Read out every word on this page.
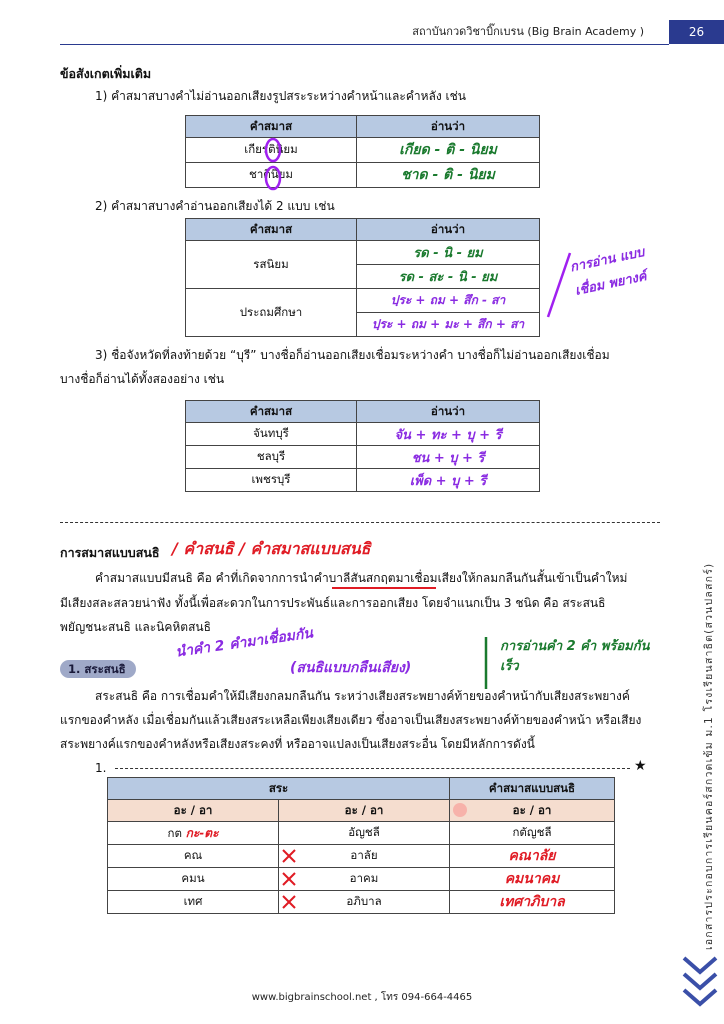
สถาบันกวดวิชาบิ๊กเบรน (Big Brain Academy )	26
ข้อสังเกตเพิ่มเติม
1) คำสมาสบางคำไม่อ่านออกเสียงรูปสระระหว่างคำหน้าและคำหลัง เช่น
คำสมาส	อ่านว่า
เกียรตินิยม	เกียด - ติ - นิยม
ชาตินิยม	ชาด - ติ - นิยม
2) คำสมาสบางคำอ่านออกเสียงได้ 2 แบบ เช่น
คำสมาส	อ่านว่า
รสนิยม	รด - นิ - ยม
	รด - สะ - นิ - ยม
ประถมศึกษา	ปฺระ + ถม + สึก - สา
	ปฺระ + ถม + มะ + สึก + สา
การอ่าน แบบเชื่อม พยางค์
3) ชื่อจังหวัดที่ลงท้ายด้วย “บุรี” บางชื่อก็อ่านออกเสียงเชื่อมระหว่างคำ บางชื่อก็ไม่อ่านออกเสียงเชื่อม
บางชื่อก็อ่านได้ทั้งสองอย่าง เช่น
คำสมาส	อ่านว่า
จันทบุรี	จัน + ทะ + บุ + รี
ชลบุรี	ชน + บุ + รี
เพชรบุรี	เพ็ด + บุ + รี
การสมาสแบบสนธิ / คำสนธิ / คำสมาสแบบสนธิ
คำสมาสแบบมีสนธิ คือ คำที่เกิดจากการนำคำบาลีสันสกฤตมาเชื่อมเสียงให้กลมกลืนกันสั้นเข้าเป็นคำใหม่
มีเสียงสละสลวยน่าฟัง ทั้งนี้เพื่อสะดวกในการประพันธ์และการออกเสียง โดยจำแนกเป็น 3 ชนิด คือ สระสนธิ
พยัญชนะสนธิ และนิคหิตสนธิ
1. สระสนธิ
นำคำ 2 คำมาเชื่อมกัน
(สนธิแบบกลืนเสียง)
การอ่านคำ 2 คำ พร้อมกันเร็ว
สระสนธิ คือ การเชื่อมคำให้มีเสียงกลมกลืนกัน ระหว่างเสียงสระพยางค์ท้ายของคำหน้ากับเสียงสระพยางค์
แรกของคำหลัง เมื่อเชื่อมกันแล้วเสียงสระเหลือเพียงเสียงเดียว ซึ่งอาจเป็นเสียงสระพยางค์ท้ายของคำหน้า หรือเสียง
สระพยางค์แรกของคำหลังหรือเสียงสระคงที่ หรืออาจแปลงเป็นเสียงสระอื่น โดยมีหลักการดังนี้
1.	★
สระ		คำสมาสแบบสนธิ
อะ / อา	อะ / อา	อะ / อา
กต กะ-ตะ	อัญชลี	กตัญชลี
คณ	อาลัย	คณาลัย
คมน	อาคม	คมนาคม
เทศ	อภิบาล	เทศาภิบาล	เอกสารประกอบการเรียนคอร์สกวดเข้ม ม.1 โรงเรียนสาธิต(สวนปลสกร์)
www.bigbrainschool.net , โทร 094-664-4465
